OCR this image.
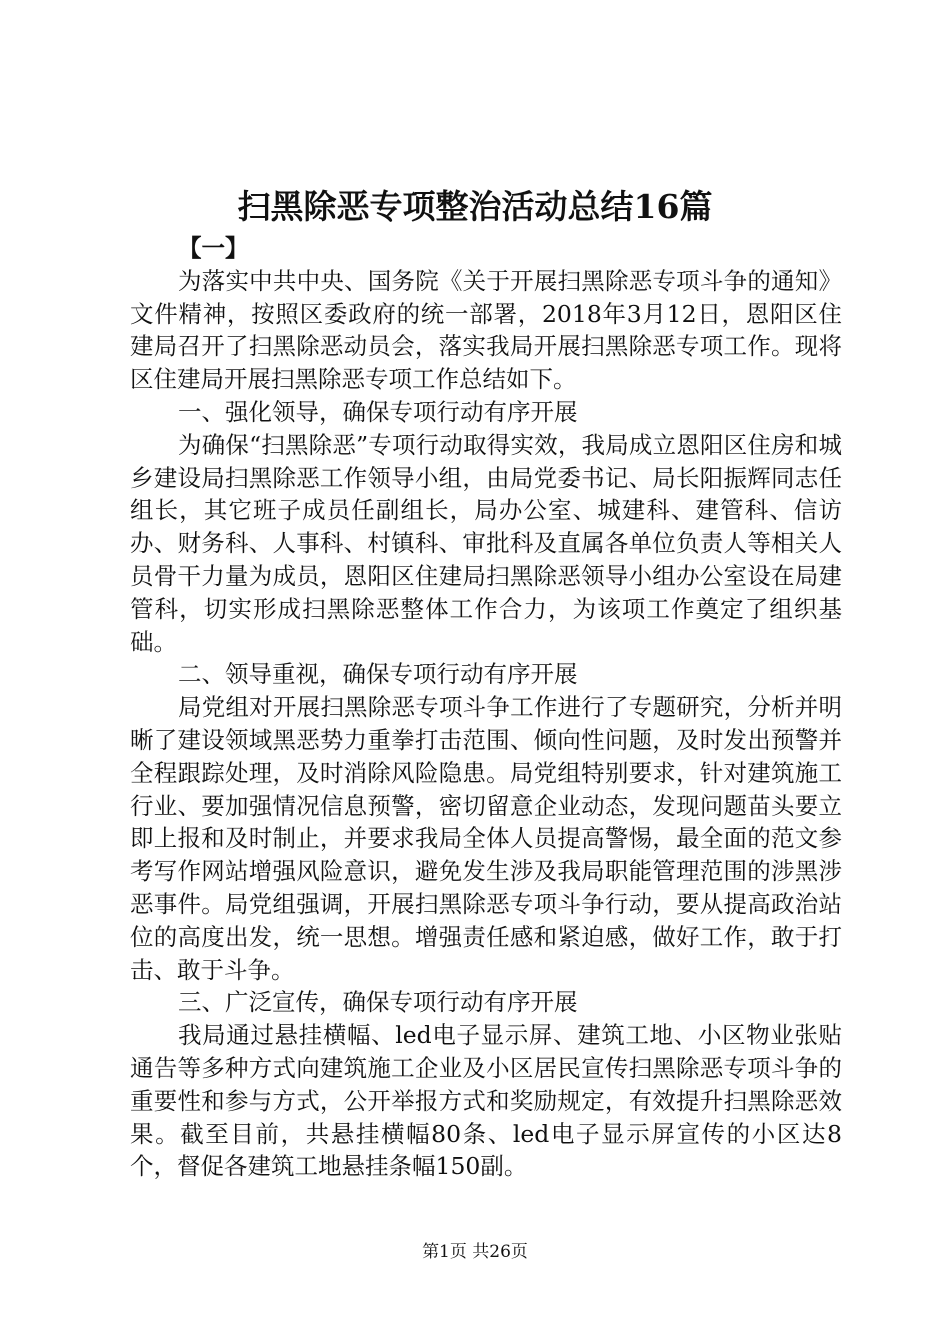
扫黑除恶专项整治活动总结16篇

【一】

为落实中共中央、国务院《关于开展扫黑除恶专项斗争的通知》文件精神，按照区委政府的统一部署，2018年3月12日，恩阳区住建局召开了扫黑除恶动员会，落实我局开展扫黑除恶专项工作。现将区住建局开展扫黑除恶专项工作总结如下。

一、强化领导，确保专项行动有序开展

为确保“扫黑除恶”专项行动取得实效，我局成立恩阳区住房和城乡建设局扫黑除恶工作领导小组，由局党委书记、局长阳振辉同志任组长，其它班子成员任副组长，局办公室、城建科、建管科、信访办、财务科、人事科、村镇科、审批科及直属各单位负责人等相关人员骨干力量为成员，恩阳区住建局扫黑除恶领导小组办公室设在局建管科，切实形成扫黑除恶整体工作合力，为该项工作奠定了组织基础。

二、领导重视，确保专项行动有序开展

局党组对开展扫黑除恶专项斗争工作进行了专题研究，分析并明晰了建设领域黑恶势力重拳打击范围、倾向性问题，及时发出预警并全程跟踪处理，及时消除风险隐患。局党组特别要求，针对建筑施工行业、要加强情况信息预警，密切留意企业动态，发现问题苗头要立即上报和及时制止，并要求我局全体人员提高警惕，最全面的范文参考写作网站增强风险意识，避免发生涉及我局职能管理范围的涉黑涉恶事件。局党组强调，开展扫黑除恶专项斗争行动，要从提高政治站位的高度出发，统一思想。增强责任感和紧迫感，做好工作，敢于打击、敢于斗争。

三、广泛宣传，确保专项行动有序开展

我局通过悬挂横幅、led电子显示屏、建筑工地、小区物业张贴通告等多种方式向建筑施工企业及小区居民宣传扫黑除恶专项斗争的重要性和参与方式，公开举报方式和奖励规定，有效提升扫黑除恶效果。截至目前，共悬挂横幅80条、led电子显示屏宣传的小区达8个，督促各建筑工地悬挂条幅150副。

第1页 共26页
